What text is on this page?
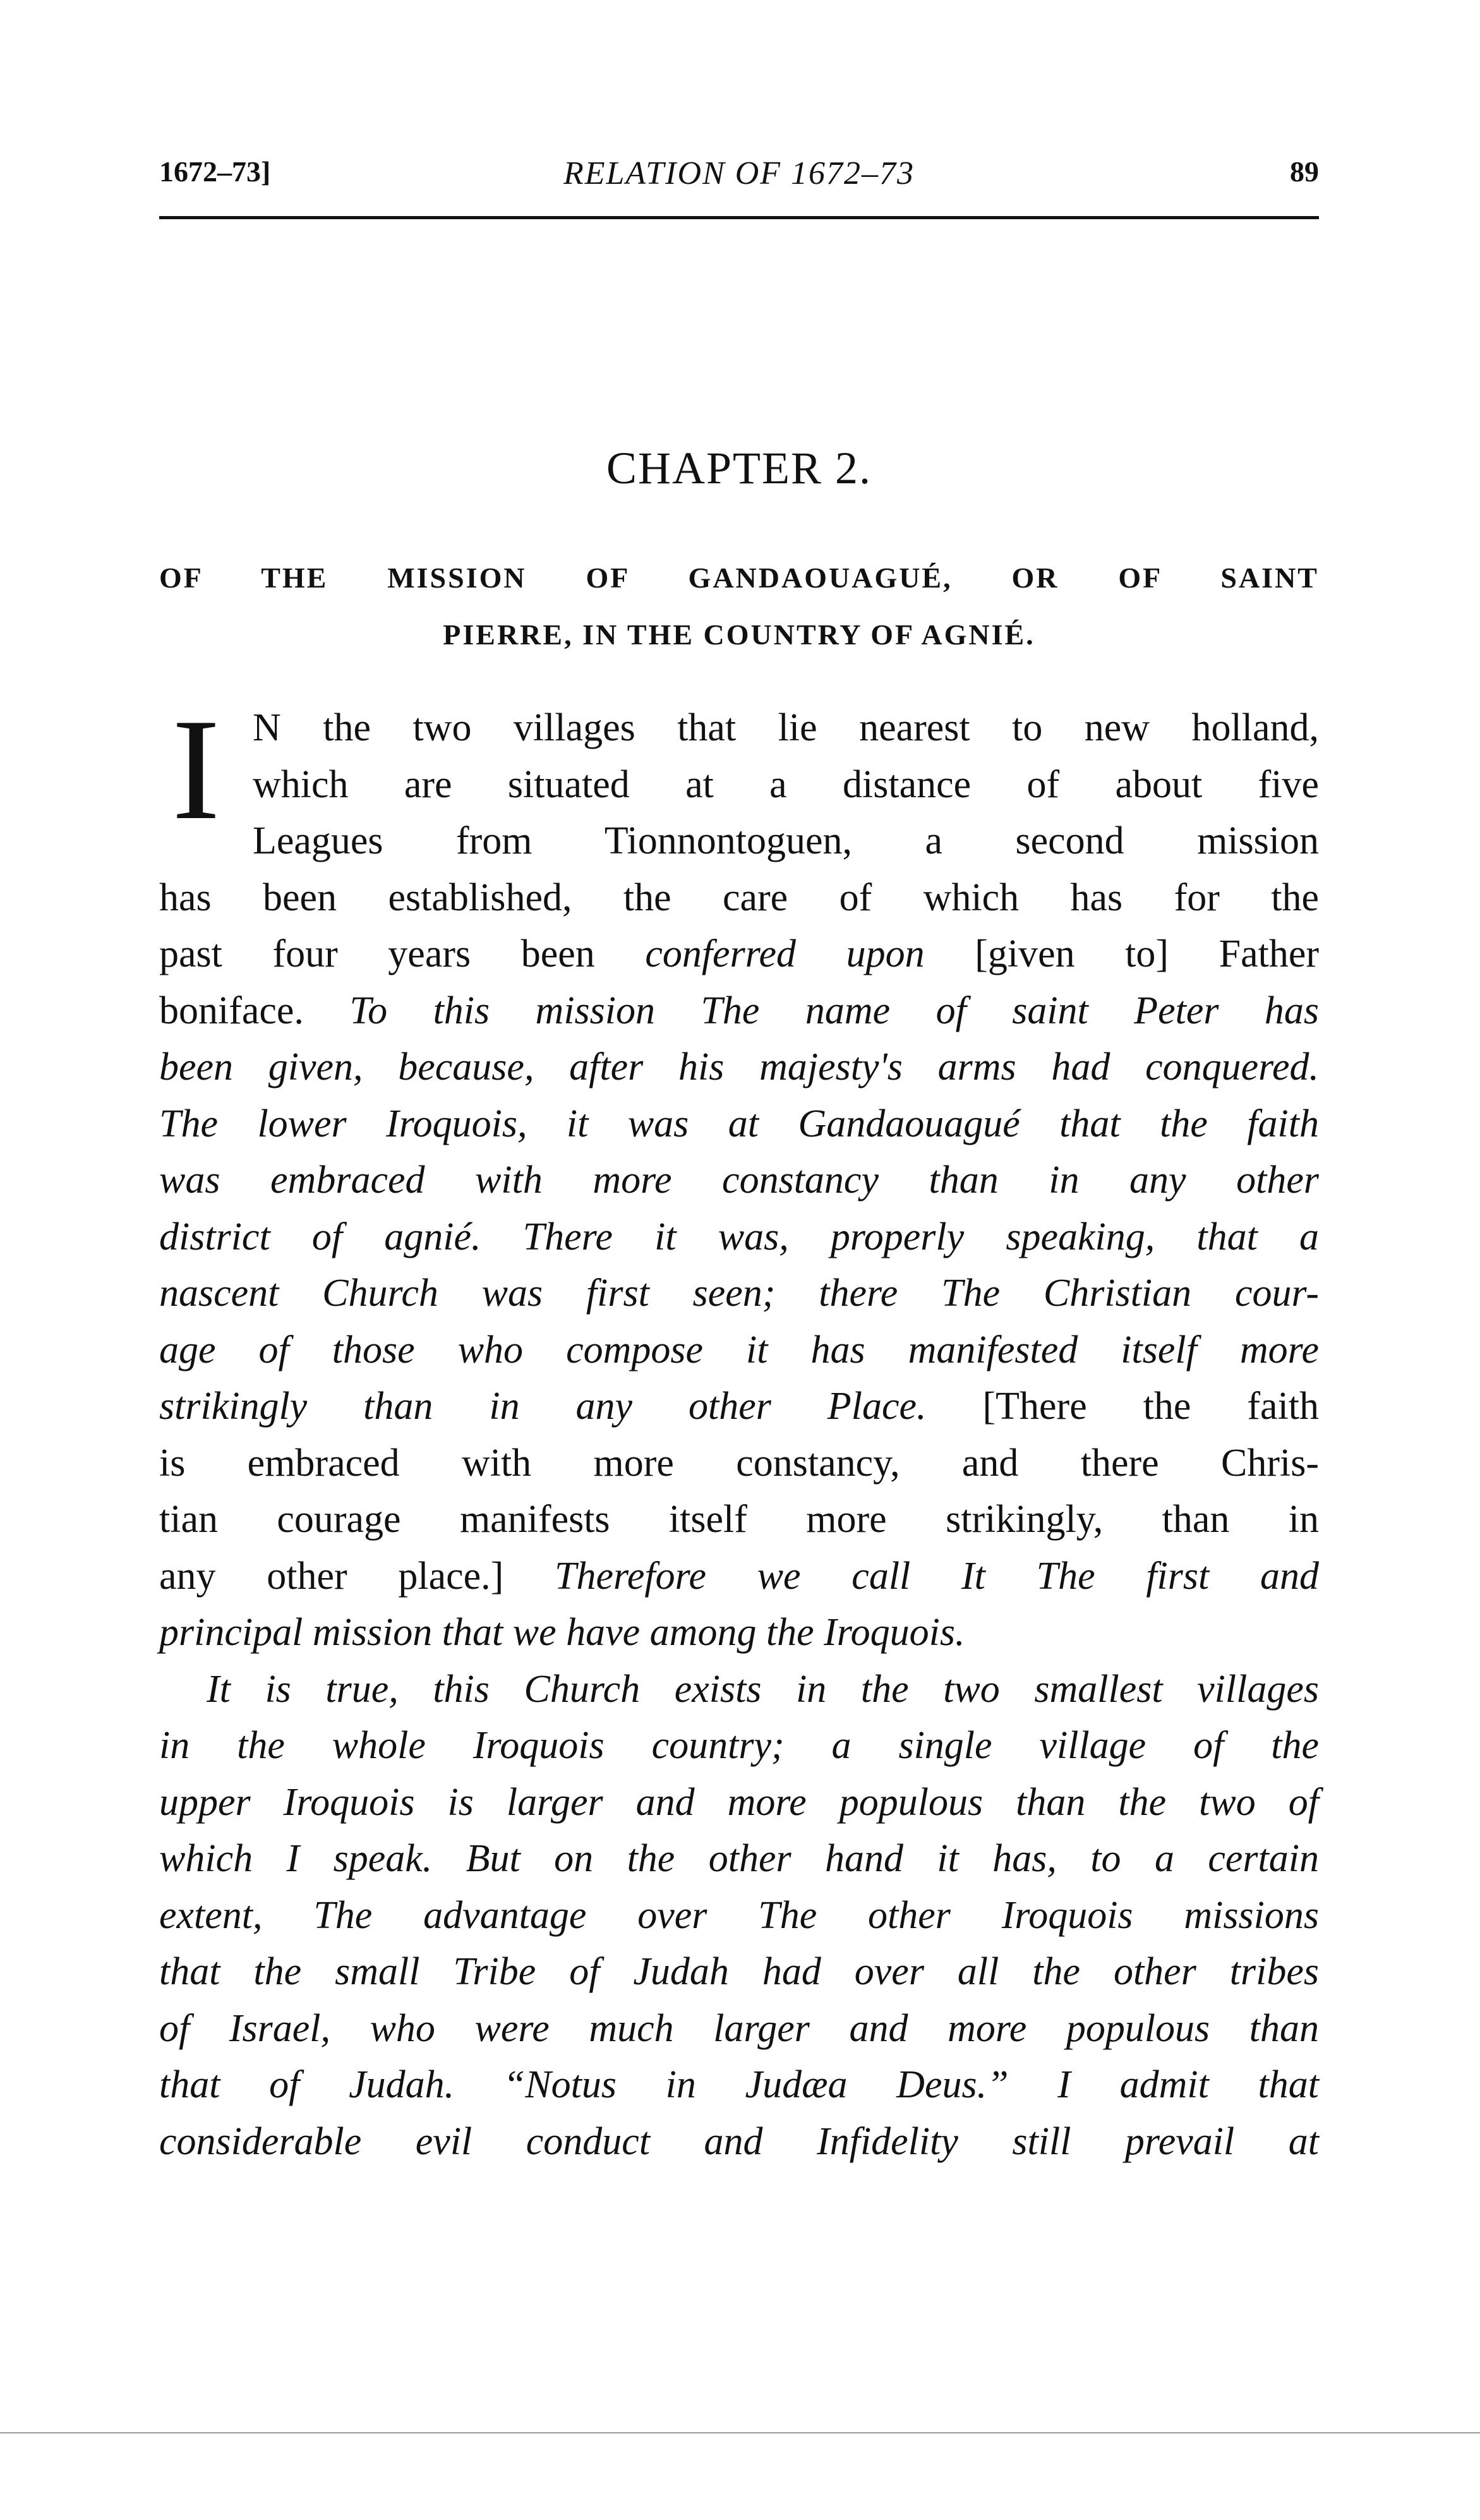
1672–73]	RELATION OF 1672–73	89
CHAPTER 2.
OF THE MISSION OF GANDAOUAGUÉ, OR OF SAINT
PIERRE, IN THE COUNTRY OF AGNIÉ.
I N the two villages that lie nearest to new holland,
which are situated at a distance of about five
Leagues from Tionnontoguen, a second mission
has been established, the care of which has for the
past four years been conferred upon [given to] Father
boniface. To this mission The name of saint Peter has
been given, because, after his majesty's arms had conquered.
The lower Iroquois, it was at Gandaouagué that the faith
was embraced with more constancy than in any other
district of agnié. There it was, properly speaking, that a
nascent Church was first seen; there The Christian cour-
age of those who compose it has manifested itself more
strikingly than in any other Place. [There the faith
is embraced with more constancy, and there Chris-
tian courage manifests itself more strikingly, than in
any other place.] Therefore we call It The first and
principal mission that we have among the Iroquois.
It is true, this Church exists in the two smallest villages
in the whole Iroquois country; a single village of the
upper Iroquois is larger and more populous than the two of
which I speak. But on the other hand it has, to a certain
extent, The advantage over The other Iroquois missions
that the small Tribe of Judah had over all the other tribes
of Israel, who were much larger and more populous than
that of Judah. “Notus in Judæa Deus.” I admit that
considerable evil conduct and Infidelity still prevail at
